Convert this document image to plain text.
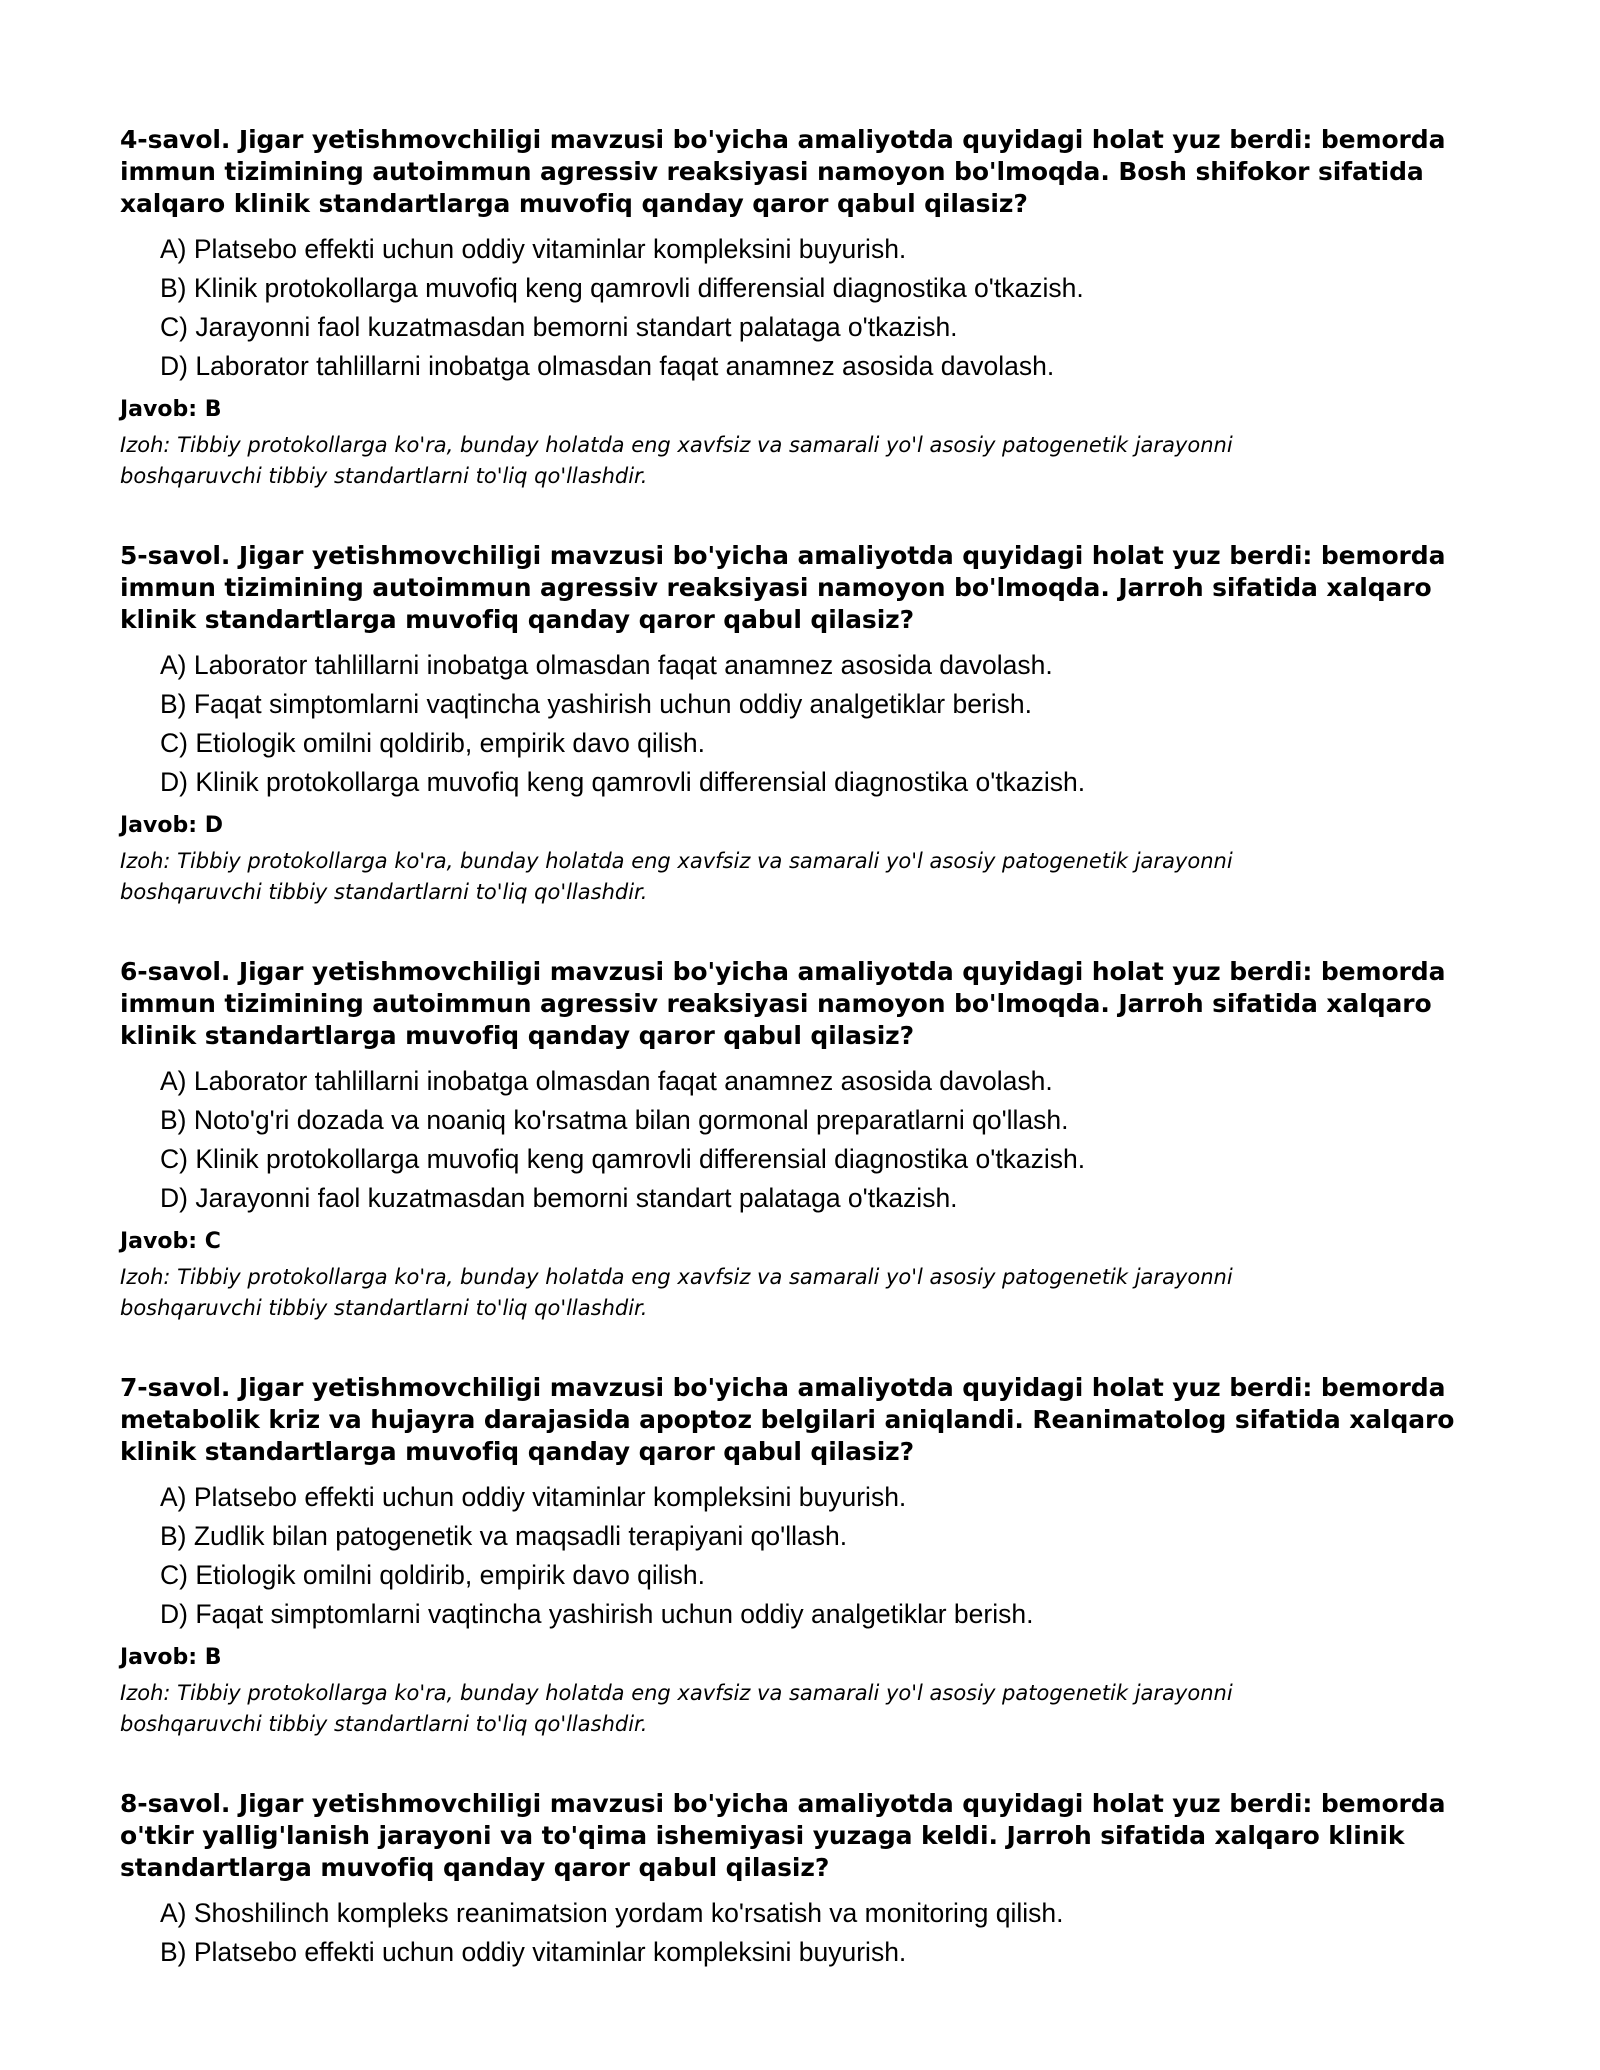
4-savol. Jigar yetishmovchiligi mavzusi bo'yicha amaliyotda quyidagi holat yuz berdi: bemorda immun tizimining autoimmun agressiv reaksiyasi namoyon bo'lmoqda. Bosh shifokor sifatida xalqaro klinik standartlarga muvofiq qanday qaror qabul qilasiz?
A) Platsebo effekti uchun oddiy vitaminlar kompleksini buyurish.
B) Klinik protokollarga muvofiq keng qamrovli differensial diagnostika o'tkazish.
C) Jarayonni faol kuzatmasdan bemorni standart palataga o'tkazish.
D) Laborator tahlillarni inobatga olmasdan faqat anamnez asosida davolash.
Javob: B

Izoh: Tibbiy protokollarga ko'ra, bunday holatda eng xavfsiz va samarali yo'l asosiy patogenetik jarayonni boshqaruvchi tibbiy standartlarni to'liq qo'llashdir.

5-savol. Jigar yetishmovchiligi mavzusi bo'yicha amaliyotda quyidagi holat yuz berdi: bemorda immun tizimining autoimmun agressiv reaksiyasi namoyon bo'lmoqda. Jarroh sifatida xalqaro klinik standartlarga muvofiq qanday qaror qabul qilasiz?
A) Laborator tahlillarni inobatga olmasdan faqat anamnez asosida davolash.
B) Faqat simptomlarni vaqtincha yashirish uchun oddiy analgetiklar berish.
C) Etiologik omilni qoldirib, empirik davo qilish.
D) Klinik protokollarga muvofiq keng qamrovli differensial diagnostika o'tkazish.
Javob: D

Izoh: Tibbiy protokollarga ko'ra, bunday holatda eng xavfsiz va samarali yo'l asosiy patogenetik jarayonni boshqaruvchi tibbiy standartlarni to'liq qo'llashdir.

6-savol. Jigar yetishmovchiligi mavzusi bo'yicha amaliyotda quyidagi holat yuz berdi: bemorda immun tizimining autoimmun agressiv reaksiyasi namoyon bo'lmoqda. Jarroh sifatida xalqaro klinik standartlarga muvofiq qanday qaror qabul qilasiz?
A) Laborator tahlillarni inobatga olmasdan faqat anamnez asosida davolash.
B) Noto'g'ri dozada va noaniq ko'rsatma bilan gormonal preparatlarni qo'llash.
C) Klinik protokollarga muvofiq keng qamrovli differensial diagnostika o'tkazish.
D) Jarayonni faol kuzatmasdan bemorni standart palataga o'tkazish.
Javob: C

Izoh: Tibbiy protokollarga ko'ra, bunday holatda eng xavfsiz va samarali yo'l asosiy patogenetik jarayonni boshqaruvchi tibbiy standartlarni to'liq qo'llashdir.

7-savol. Jigar yetishmovchiligi mavzusi bo'yicha amaliyotda quyidagi holat yuz berdi: bemorda metabolik kriz va hujayra darajasida apoptoz belgilari aniqlandi. Reanimatolog sifatida xalqaro klinik standartlarga muvofiq qanday qaror qabul qilasiz?
A) Platsebo effekti uchun oddiy vitaminlar kompleksini buyurish.
B) Zudlik bilan patogenetik va maqsadli terapiyani qo'llash.
C) Etiologik omilni qoldirib, empirik davo qilish.
D) Faqat simptomlarni vaqtincha yashirish uchun oddiy analgetiklar berish.
Javob: B

Izoh: Tibbiy protokollarga ko'ra, bunday holatda eng xavfsiz va samarali yo'l asosiy patogenetik jarayonni boshqaruvchi tibbiy standartlarni to'liq qo'llashdir.

8-savol. Jigar yetishmovchiligi mavzusi bo'yicha amaliyotda quyidagi holat yuz berdi: bemorda o'tkir yallig'lanish jarayoni va to'qima ishemiyasi yuzaga keldi. Jarroh sifatida xalqaro klinik standartlarga muvofiq qanday qaror qabul qilasiz?
A) Shoshilinch kompleks reanimatsion yordam ko'rsatish va monitoring qilish.
B) Platsebo effekti uchun oddiy vitaminlar kompleksini buyurish.
